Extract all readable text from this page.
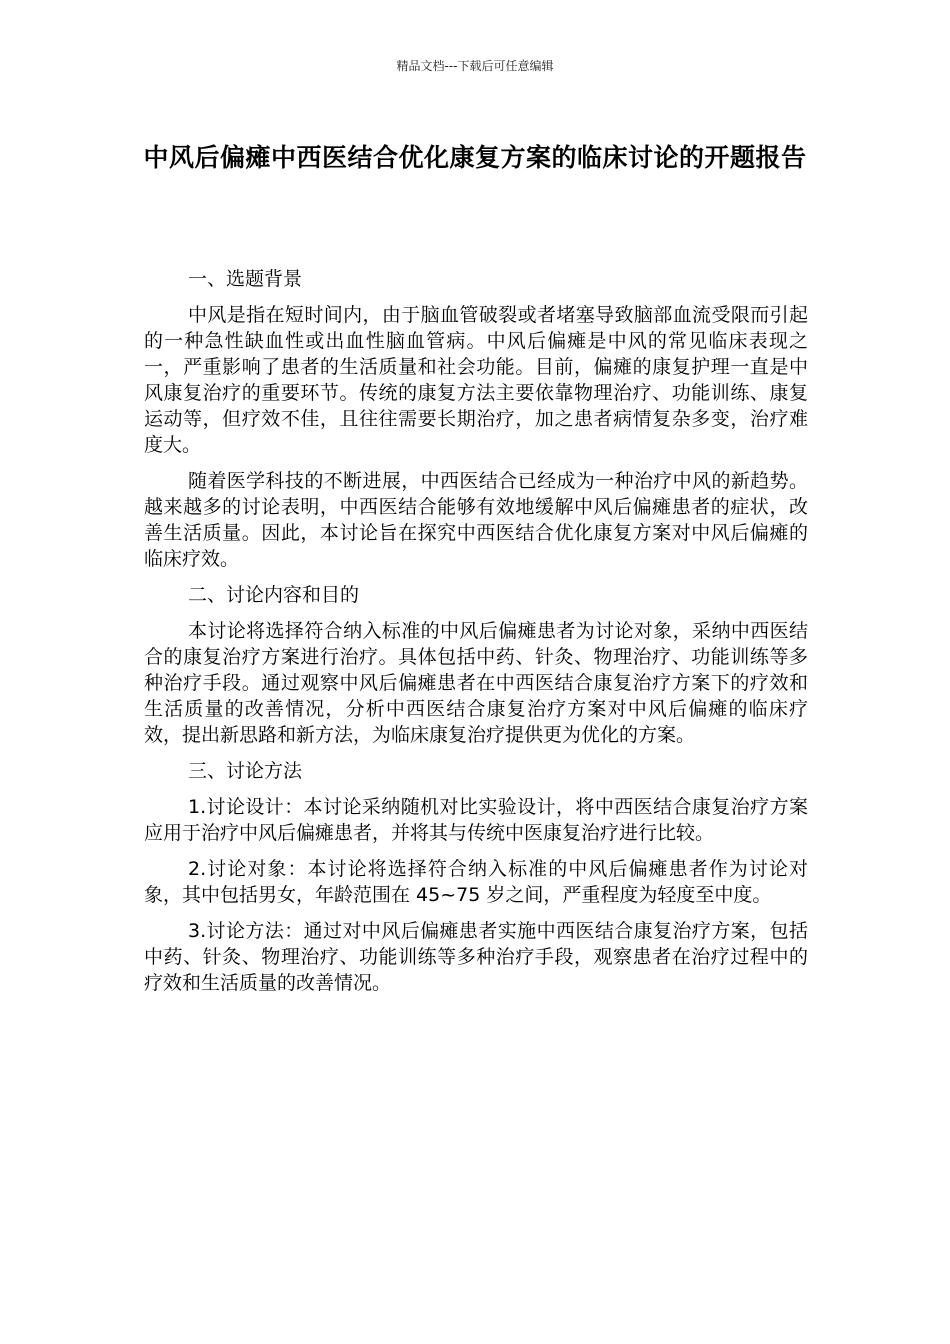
精品文档---下载后可任意编辑
中风后偏瘫中西医结合优化康复方案的临床讨论的开题报告

一、选题背景

中风是指在短时间内，由于脑血管破裂或者堵塞导致脑部血流受限而引起的一种急性缺血性或出血性脑血管病。中风后偏瘫是中风的常见临床表现之一，严重影响了患者的生活质量和社会功能。目前，偏瘫的康复护理一直是中风康复治疗的重要环节。传统的康复方法主要依靠物理治疗、功能训练、康复运动等，但疗效不佳，且往往需要长期治疗，加之患者病情复杂多变，治疗难度大。

随着医学科技的不断进展，中西医结合已经成为一种治疗中风的新趋势。越来越多的讨论表明，中西医结合能够有效地缓解中风后偏瘫患者的症状，改善生活质量。因此，本讨论旨在探究中西医结合优化康复方案对中风后偏瘫的临床疗效。

二、讨论内容和目的

本讨论将选择符合纳入标准的中风后偏瘫患者为讨论对象，采纳中西医结合的康复治疗方案进行治疗。具体包括中药、针灸、物理治疗、功能训练等多种治疗手段。通过观察中风后偏瘫患者在中西医结合康复治疗方案下的疗效和生活质量的改善情况，分析中西医结合康复治疗方案对中风后偏瘫的临床疗效，提出新思路和新方法，为临床康复治疗提供更为优化的方案。

三、讨论方法

1.讨论设计：本讨论采纳随机对比实验设计，将中西医结合康复治疗方案应用于治疗中风后偏瘫患者，并将其与传统中医康复治疗进行比较。

2.讨论对象：本讨论将选择符合纳入标准的中风后偏瘫患者作为讨论对象，其中包括男女，年龄范围在 45~75 岁之间，严重程度为轻度至中度。

3.讨论方法：通过对中风后偏瘫患者实施中西医结合康复治疗方案，包括中药、针灸、物理治疗、功能训练等多种治疗手段，观察患者在治疗过程中的疗效和生活质量的改善情况。
